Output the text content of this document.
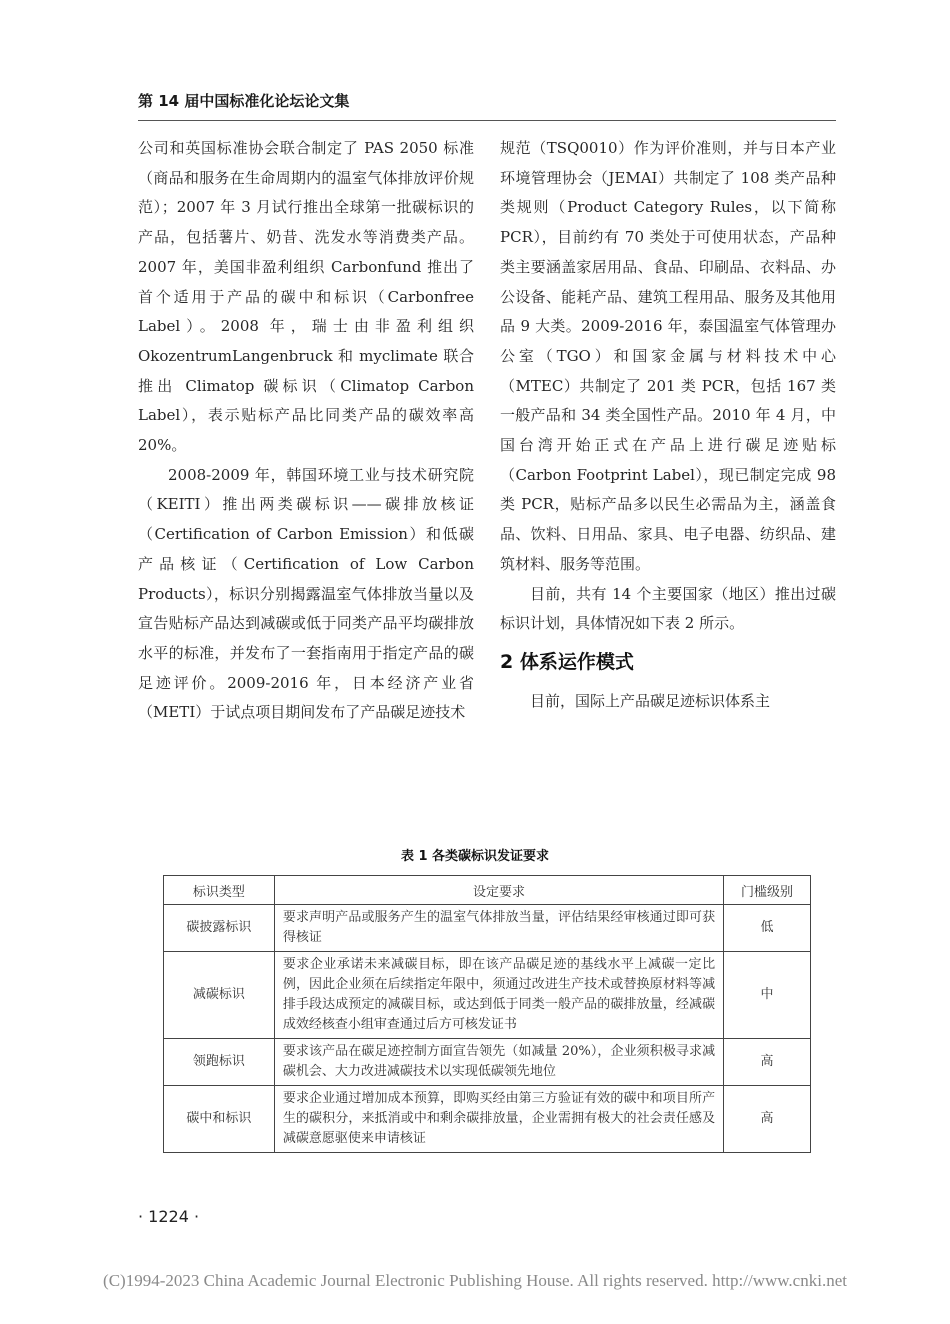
第 14 届中国标准化论坛论文集

公司和英国标准协会联合制定了 PAS 2050 标准（商品和服务在生命周期内的温室气体排放评价规范）；2007 年 3 月试行推出全球第一批碳标识的产品，包括薯片、奶昔、洗发水等消费类产品。2007 年，美国非盈利组织 Carbonfund 推出了首个适用于产品的碳中和标识（Carbonfree Label）。2008 年，瑞士由非盈利组织 OkozentrumLangenbruck 和 myclimate 联合推出 Climatop 碳标识（Climatop Carbon Label），表示贴标产品比同类产品的碳效率高 20%。

2008-2009 年，韩国环境工业与技术研究院（KEITI）推出两类碳标识——碳排放核证（Certification of Carbon Emission）和低碳产品核证（Certification of Low Carbon Products），标识分别揭露温室气体排放当量以及宣告贴标产品达到减碳或低于同类产品平均碳排放水平的标准，并发布了一套指南用于指定产品的碳足迹评价。2009-2016 年，日本经济产业省（METI）于试点项目期间发布了产品碳足迹技术

规范（TSQ0010）作为评价准则，并与日本产业环境管理协会（JEMAI）共制定了 108 类产品种类规则（Product Category Rules，以下简称 PCR），目前约有 70 类处于可使用状态，产品种类主要涵盖家居用品、食品、印刷品、衣料品、办公设备、能耗产品、建筑工程用品、服务及其他用品 9 大类。2009-2016 年，泰国温室气体管理办公室（TGO）和国家金属与材料技术中心（MTEC）共制定了 201 类 PCR，包括 167 类一般产品和 34 类全国性产品。2010 年 4 月，中国台湾开始正式在产品上进行碳足迹贴标（Carbon Footprint Label），现已制定完成 98 类 PCR，贴标产品多以民生必需品为主，涵盖食品、饮料、日用品、家具、电子电器、纺织品、建筑材料、服务等范围。

目前，共有 14 个主要国家（地区）推出过碳标识计划，具体情况如下表 2 所示。

2 体系运作模式

目前，国际上产品碳足迹标识体系主

表 1 各类碳标识发证要求
标识类型	设定要求	门槛级别
碳披露标识	要求声明产品或服务产生的温室气体排放当量，评估结果经审核通过即可获得核证	低
减碳标识	要求企业承诺未来减碳目标，即在该产品碳足迹的基线水平上减碳一定比例，因此企业须在后续指定年限中，须通过改进生产技术或替换原材料等减排手段达成预定的减碳目标，或达到低于同类一般产品的碳排放量，经减碳成效经核查小组审查通过后方可核发证书	中
领跑标识	要求该产品在碳足迹控制方面宣告领先（如减量 20%），企业须积极寻求减碳机会、大力改进减碳技术以实现低碳领先地位	高
碳中和标识	要求企业通过增加成本预算，即购买经由第三方验证有效的碳中和项目所产生的碳积分，来抵消或中和剩余碳排放量，企业需拥有极大的社会责任感及减碳意愿驱使来申请核证	高
· 1224 ·
(C)1994-2023 China Academic Journal Electronic Publishing House. All rights reserved. http://www.cnki.net
